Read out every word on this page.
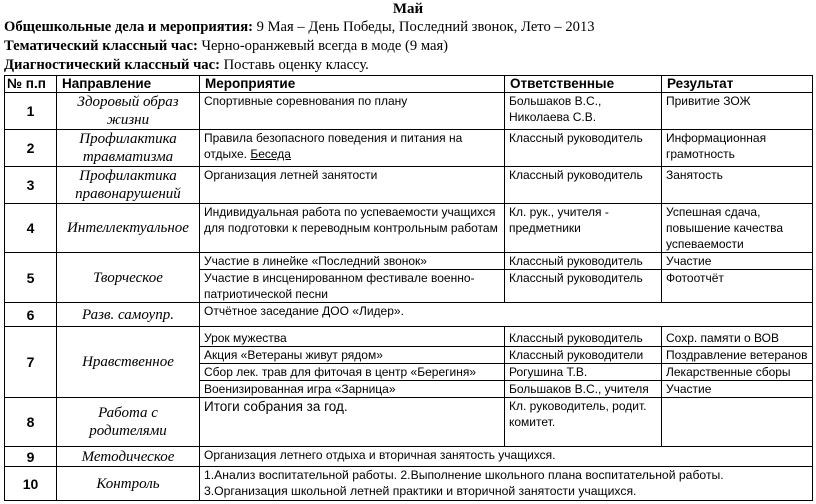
Май
Общешкольные дела и мероприятия: 9 Мая – День Победы, Последний звонок, Лето – 2013
Тематический классный час: Черно-оранжевый всегда в моде (9 мая)
Диагностический классный час: Поставь оценку классу.
№ п.п	Направление	Мероприятие	Ответственные	Результат
1	Здоровый образ жизни	Спортивные соревнования по плану	Большаков В.С., Николаева С.В.	Привитие ЗОЖ
2	Профилактика травматизма	Правила безопасного поведения и питания на отдыхе. Беседа	Классный руководитель	Информационная грамотность
3	Профилактика правонарушений	Организация летней занятости	Классный руководитель	Занятость
4	Интеллектуальное	Индивидуальная работа по успеваемости учащихся для подготовки к переводным контрольным работам	Кл. рук., учителя - предметники	Успешная сдача, повышение качества успеваемости
5	Творческое	Участие в линейке «Последний звонок»	Классный руководитель	Участие
		Участие в инсценированном фестивале военно-патриотической песни	Классный руководитель	Фотоотчёт
6	Разв. самоупр.	Отчётное заседание ДОО «Лидер».		
7	Нравственное	Урок мужества	Классный руководитель	Сохр. памяти о ВОВ
		Акция «Ветераны живут рядом»	Классный руководители	Поздравление ветеранов
		Сбор лек. трав для фиточая в центр «Берегиня»	Рогушина Т.В.	Лекарственные сборы
		Военизированная игра «Зарница»	Большаков В.С., учителя	Участие
8	Работа с родителями	Итоги собрания за год.	Кл. руководитель, родит. комитет.	
9	Методическое	Организация летнего отдыха и вторичная занятость учащихся.		
10	Контроль	1.Анализ воспитательной работы. 2.Выполнение школьного плана воспитательной работы. 3.Организация школьной летней практики и вторичной занятости учащихся.		
